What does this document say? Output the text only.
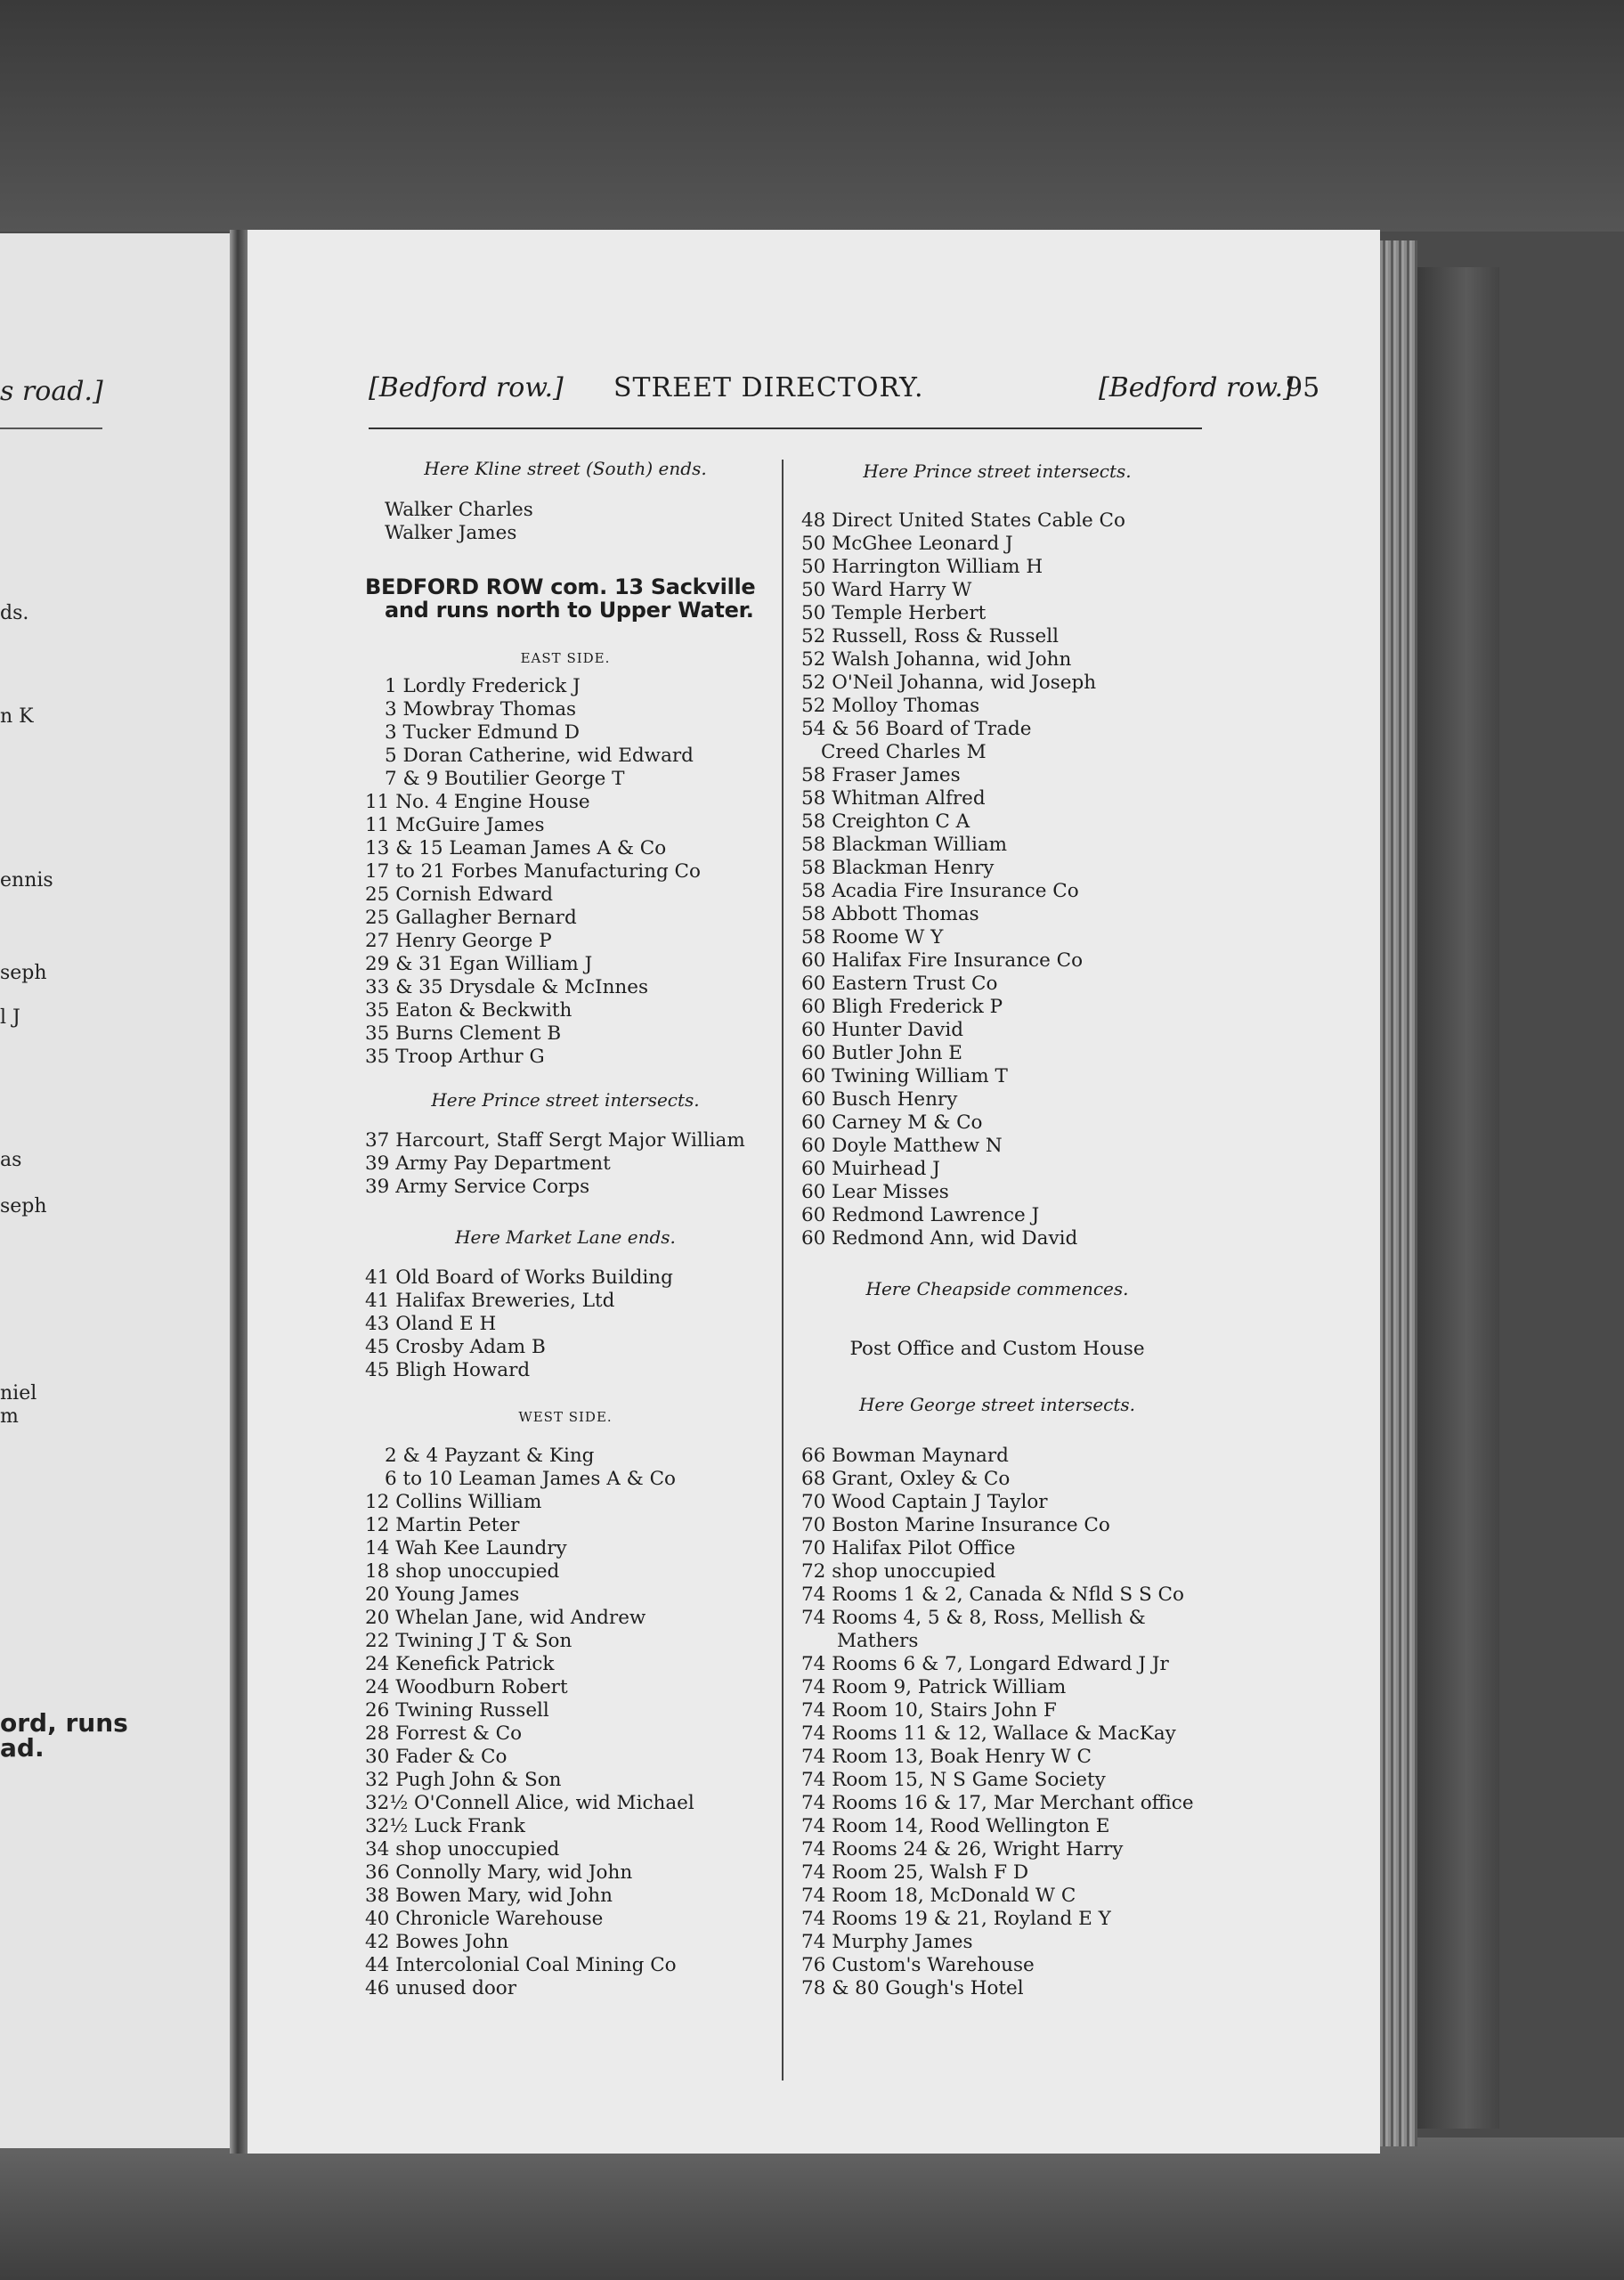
s road.]
ds.
n K
ennis
seph
l J
as
seph
niel
m
ord, runs
ad.
[Bedford row.] STREET DIRECTORY.	[Bedford row.]
95
Here Kline street (South) ends.
Walker Charles
Walker James
BEDFORD ROW com. 13 Sackville
and runs north to Upper Water.
EAST SIDE.
1 Lordly Frederick J
3 Mowbray Thomas
3 Tucker Edmund D
5 Doran Catherine, wid Edward
7 & 9 Boutilier George T
11 No. 4 Engine House
11 McGuire James
13 & 15 Leaman James A & Co
17 to 21 Forbes Manufacturing Co
25 Cornish Edward
25 Gallagher Bernard
27 Henry George P
29 & 31 Egan William J
33 & 35 Drysdale & McInnes
35 Eaton & Beckwith
35 Burns Clement B
35 Troop Arthur G
Here Prince street intersects.
37 Harcourt, Staff Sergt Major William
39 Army Pay Department
39 Army Service Corps
Here Market Lane ends.
41 Old Board of Works Building
41 Halifax Breweries, Ltd
43 Oland E H
45 Crosby Adam B
45 Bligh Howard
WEST SIDE.
2 & 4 Payzant & King
6 to 10 Leaman James A & Co
12 Collins William
12 Martin Peter
14 Wah Kee Laundry
18 shop unoccupied
20 Young James
20 Whelan Jane, wid Andrew
22 Twining J T & Son
24 Kenefick Patrick
24 Woodburn Robert
26 Twining Russell
28 Forrest & Co
30 Fader & Co
32 Pugh John & Son
32½ O'Connell Alice, wid Michael
32½ Luck Frank
34 shop unoccupied
36 Connolly Mary, wid John
38 Bowen Mary, wid John
40 Chronicle Warehouse
42 Bowes John
44 Intercolonial Coal Mining Co
46 unused door
Here Prince street intersects.
48 Direct United States Cable Co
50 McGhee Leonard J
50 Harrington William H
50 Ward Harry W
50 Temple Herbert
52 Russell, Ross & Russell
52 Walsh Johanna, wid John
52 O'Neil Johanna, wid Joseph
52 Molloy Thomas
54 & 56 Board of Trade
Creed Charles M
58 Fraser James
58 Whitman Alfred
58 Creighton C A
58 Blackman William
58 Blackman Henry
58 Acadia Fire Insurance Co
58 Abbott Thomas
58 Roome W Y
60 Halifax Fire Insurance Co
60 Eastern Trust Co
60 Bligh Frederick P
60 Hunter David
60 Butler John E
60 Twining William T
60 Busch Henry
60 Carney M & Co
60 Doyle Matthew N
60 Muirhead J
60 Lear Misses
60 Redmond Lawrence J
60 Redmond Ann, wid David
Here Cheapside commences.
Post Office and Custom House
Here George street intersects.
66 Bowman Maynard
68 Grant, Oxley & Co
70 Wood Captain J Taylor
70 Boston Marine Insurance Co
70 Halifax Pilot Office
72 shop unoccupied
74 Rooms 1 & 2, Canada & Nfld S S Co
74 Rooms 4, 5 & 8, Ross, Mellish &
Mathers
74 Rooms 6 & 7, Longard Edward J Jr
74 Room 9, Patrick William
74 Room 10, Stairs John F
74 Rooms 11 & 12, Wallace & MacKay
74 Room 13, Boak Henry W C
74 Room 15, N S Game Society
74 Rooms 16 & 17, Mar Merchant office
74 Room 14, Rood Wellington E
74 Rooms 24 & 26, Wright Harry
74 Room 25, Walsh F D
74 Room 18, McDonald W C
74 Rooms 19 & 21, Royland E Y
74 Murphy James
76 Custom's Warehouse
78 & 80 Gough's Hotel
